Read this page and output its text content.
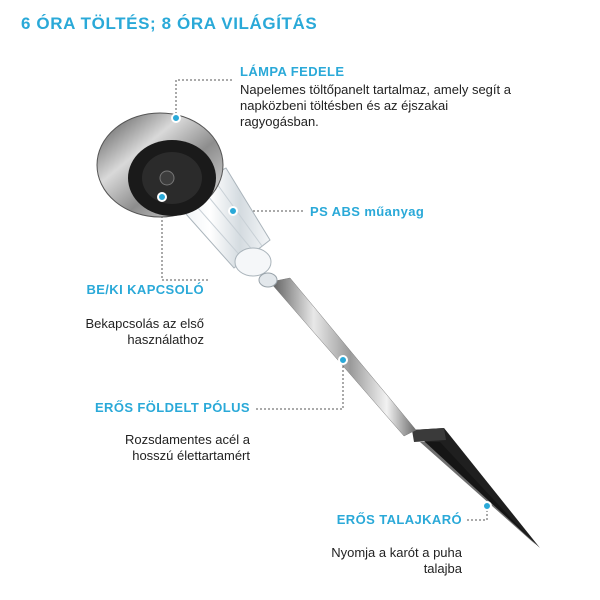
6 ÓRA TÖLTÉS; 8 ÓRA VILÁGÍTÁS
LÁMPA FEDELE
Napelemes töltőpanelt tartalmaz, amely segít a
napközbeni töltésben és az éjszakai
ragyogásban.
PS ABS műanyag
BE/KI KAPCSOLÓ
Bekapcsolás az első
használathoz
ERŐS FÖLDELT PÓLUS
Rozsdamentes acél a
hosszú élettartamért
ERŐS TALAJKARÓ
Nyomja a karót a puha
talajba
